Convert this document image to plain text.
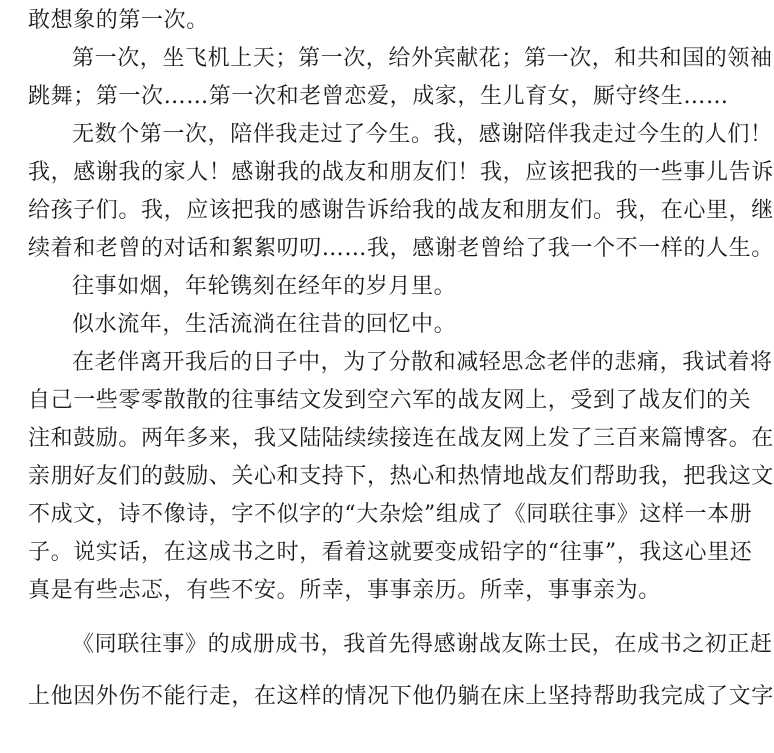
敢想象的第一次。
第一次，坐飞机上天；第一次，给外宾献花；第一次，和共和国的领袖
跳舞；第一次……第一次和老曾恋爱，成家，生儿育女，厮守终生……
无数个第一次，陪伴我走过了今生。我，感谢陪伴我走过今生的人们！
我，感谢我的家人！感谢我的战友和朋友们！我，应该把我的一些事儿告诉
给孩子们。我，应该把我的感谢告诉给我的战友和朋友们。我，在心里，继
续着和老曾的对话和絮絮叨叨……我，感谢老曾给了我一个不一样的人生。
往事如烟，年轮镌刻在经年的岁月里。
似水流年，生活流淌在往昔的回忆中。
在老伴离开我后的日子中，为了分散和减轻思念老伴的悲痛，我试着将
自己一些零零散散的往事结文发到空六军的战友网上，受到了战友们的关
注和鼓励。两年多来，我又陆陆续续接连在战友网上发了三百来篇博客。在
亲朋好友们的鼓励、关心和支持下，热心和热情地战友们帮助我，把我这文
不成文，诗不像诗，字不似字的“大杂烩”组成了《同联往事》这样一本册
子。说实话，在这成书之时，看着这就要变成铅字的“往事”，我这心里还
真是有些忐忑，有些不安。所幸，事事亲历。所幸，事事亲为。
《同联往事》的成册成书，我首先得感谢战友陈士民，在成书之初正赶
上他因外伤不能行走，在这样的情况下他仍躺在床上坚持帮助我完成了文字
